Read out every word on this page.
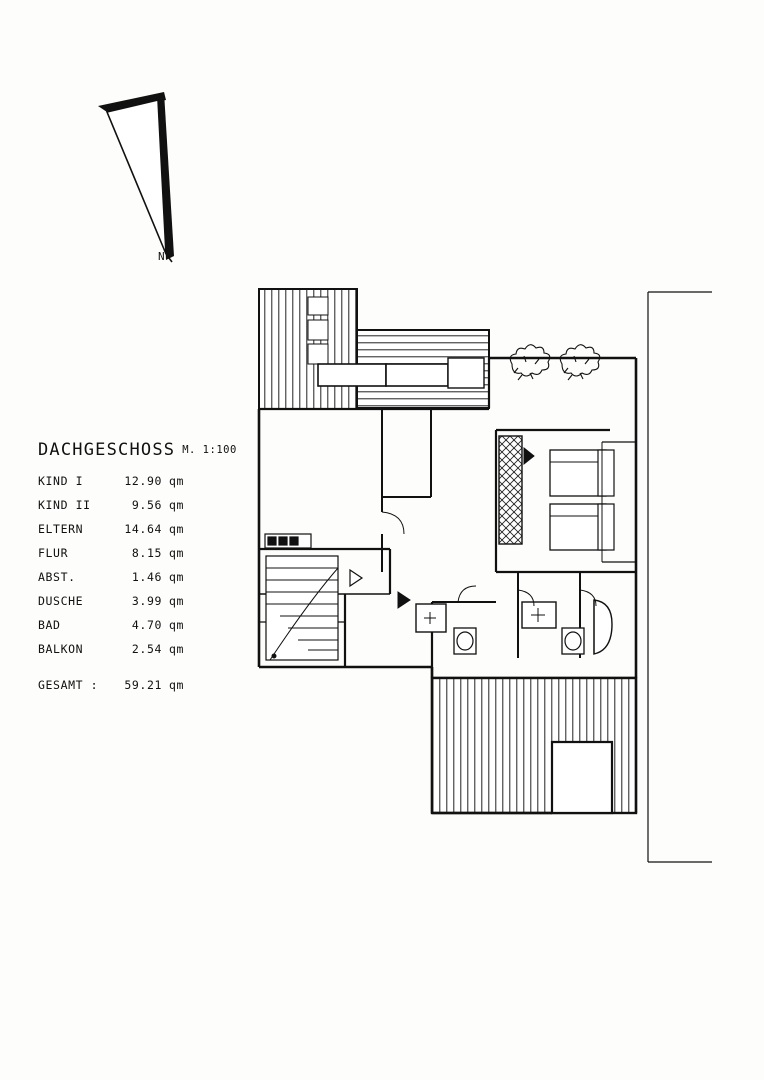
N
DACHGESCHOSS M. 1:100
KIND I	12.90 qm
KIND II	9.56 qm
ELTERN	14.64 qm
FLUR	8.15 qm
ABST.	1.46 qm
DUSCHE	3.99 qm
BAD	4.70 qm
BALKON	2.54 qm
GESAMT :	59.21 qm
